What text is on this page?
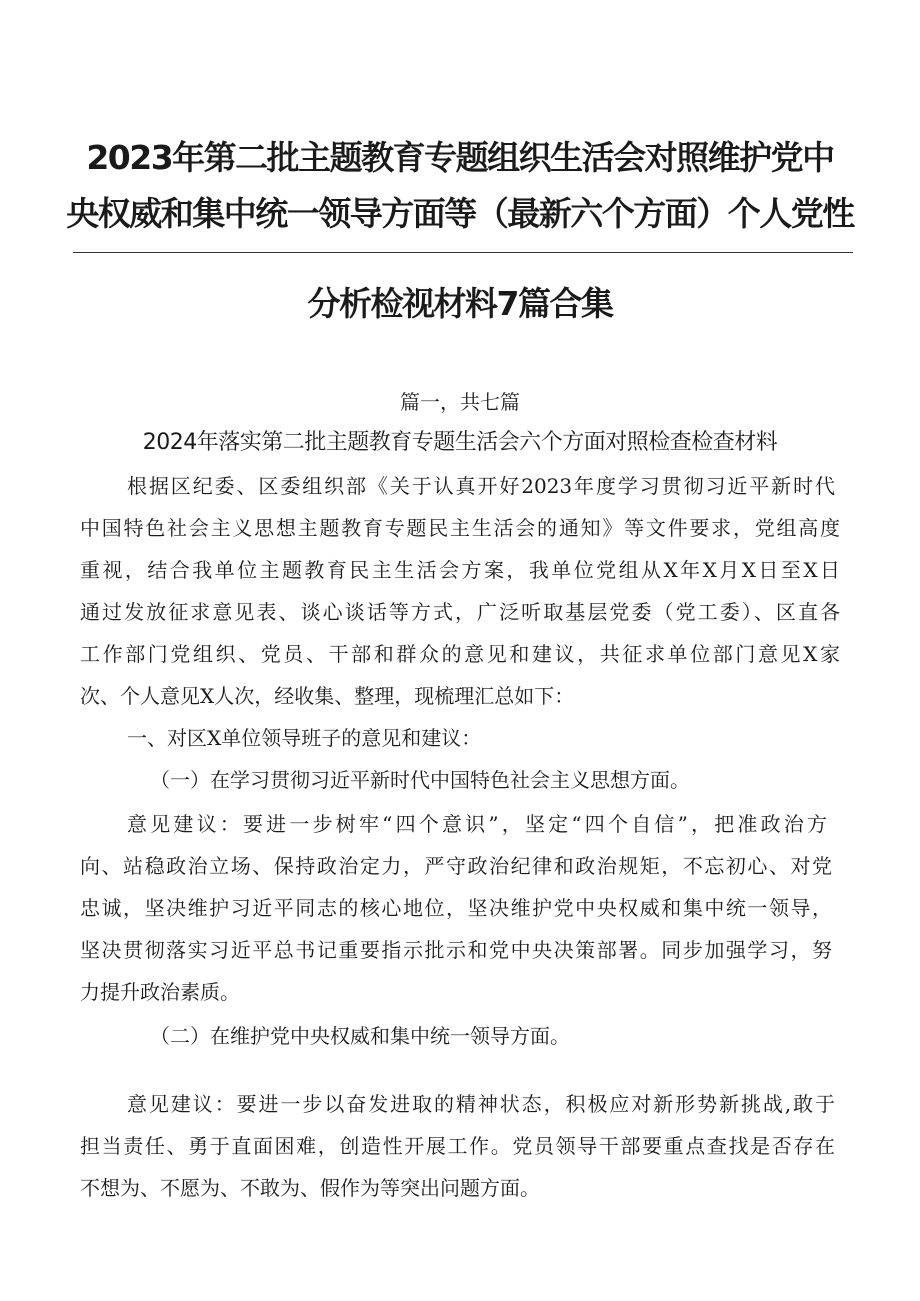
2023年第二批主题教育专题组织生活会对照维护党中
央权威和集中统一领导方面等（最新六个方面）个人党性
分析检视材料7篇合集
篇一，共七篇
2024年落实第二批主题教育专题生活会六个方面对照检查检查材料
根据区纪委、区委组织部《关于认真开好2023年度学习贯彻习近平新时代
中国特色社会主义思想主题教育专题民主生活会的通知》等文件要求，党组高度
重视，结合我单位主题教育民主生活会方案，我单位党组从X年X月X日至X日
通过发放征求意见表、谈心谈话等方式，广泛听取基层党委（党工委）、区直各
工作部门党组织、党员、干部和群众的意见和建议，共征求单位部门意见X家
次、个人意见X人次，经收集、整理，现梳理汇总如下：
一、对区X单位领导班子的意见和建议：
（一）在学习贯彻习近平新时代中国特色社会主义思想方面。
意见建议：要进一步树牢“四个意识”，坚定“四个自信”，把准政治方
向、站稳政治立场、保持政治定力，严守政治纪律和政治规矩，不忘初心、对党
忠诚，坚决维护习近平同志的核心地位，坚决维护党中央权威和集中统一领导，
坚决贯彻落实习近平总书记重要指示批示和党中央决策部署。同步加强学习，努
力提升政治素质。
（二）在维护党中央权威和集中统一领导方面。
意见建议：要进一步以奋发进取的精神状态，积极应对新形势新挑战,敢于
担当责任、勇于直面困难，创造性开展工作。党员领导干部要重点查找是否存在
不想为、不愿为、不敢为、假作为等突出问题方面。
